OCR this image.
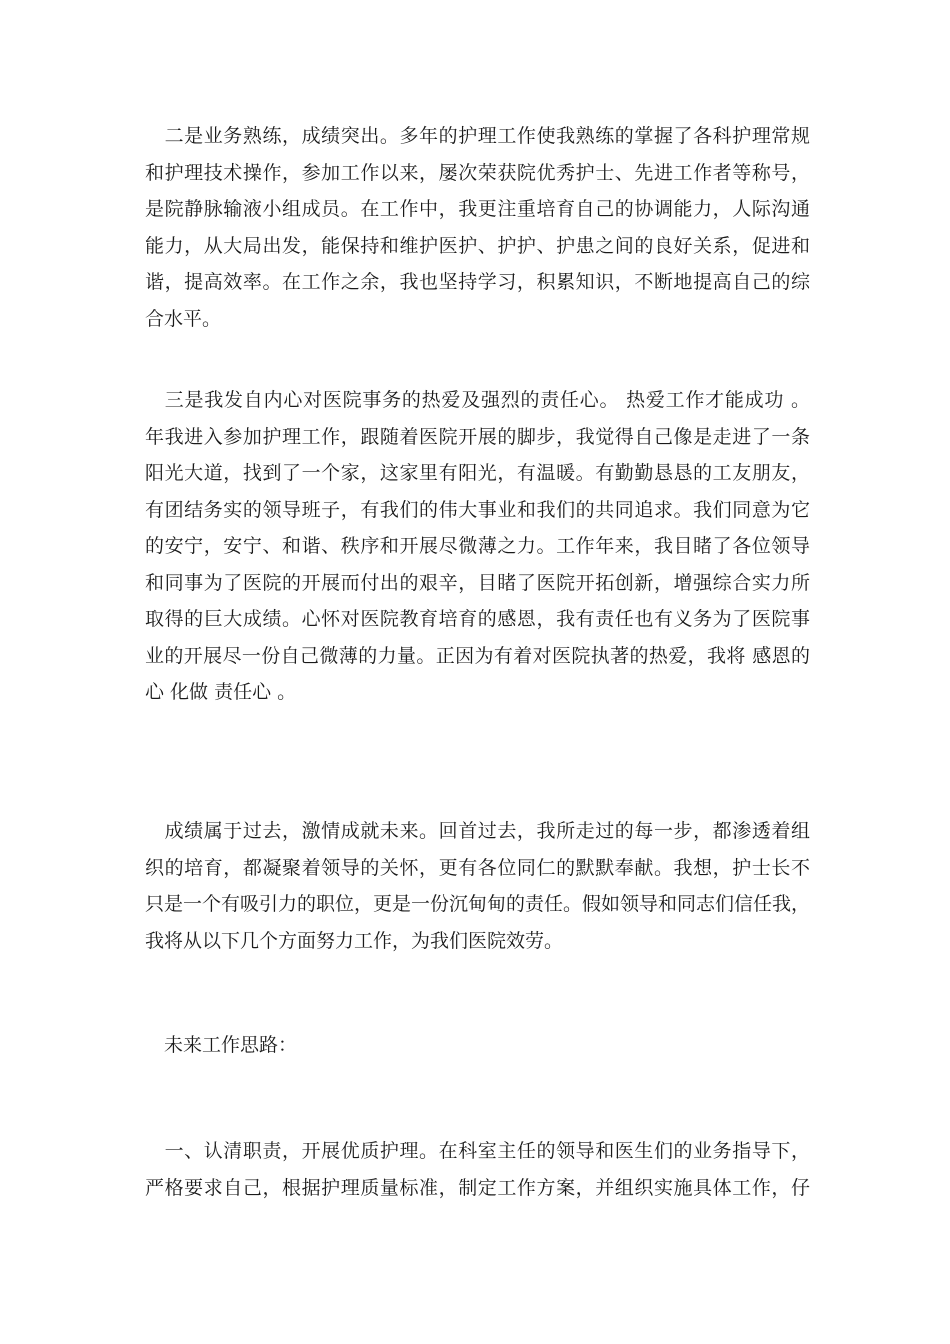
　二是业务熟练，成绩突出。多年的护理工作使我熟练的掌握了各科护理常规
和护理技术操作，参加工作以来，屡次荣获院优秀护士、先进工作者等称号，
是院静脉输液小组成员。在工作中，我更注重培育自己的协调能力，人际沟通
能力，从大局出发，能保持和维护医护、护护、护患之间的良好关系，促进和
谐，提高效率。在工作之余，我也坚持学习，积累知识，不断地提高自己的综
合水平。

　三是我发自内心对医院事务的热爱及强烈的责任心。 热爱工作才能成功 。
年我进入参加护理工作，跟随着医院开展的脚步，我觉得自己像是走进了一条
阳光大道，找到了一个家，这家里有阳光，有温暖。有勤勤恳恳的工友朋友，
有团结务实的领导班子，有我们的伟大事业和我们的共同追求。我们同意为它
的安宁，安宁、和谐、秩序和开展尽微薄之力。工作年来，我目睹了各位领导
和同事为了医院的开展而付出的艰辛，目睹了医院开拓创新，增强综合实力所
取得的巨大成绩。心怀对医院教育培育的感恩，我有责任也有义务为了医院事
业的开展尽一份自己微薄的力量。正因为有着对医院执著的热爱，我将 感恩的
心 化做 责任心 。

　成绩属于过去，激情成就未来。回首过去，我所走过的每一步，都渗透着组
织的培育，都凝聚着领导的关怀，更有各位同仁的默默奉献。我想，护士长不
只是一个有吸引力的职位，更是一份沉甸甸的责任。假如领导和同志们信任我，
我将从以下几个方面努力工作，为我们医院效劳。

　未来工作思路：

　一、认清职责，开展优质护理。在科室主任的领导和医生们的业务指导下，
严格要求自己，根据护理质量标准，制定工作方案，并组织实施具体工作，仔
